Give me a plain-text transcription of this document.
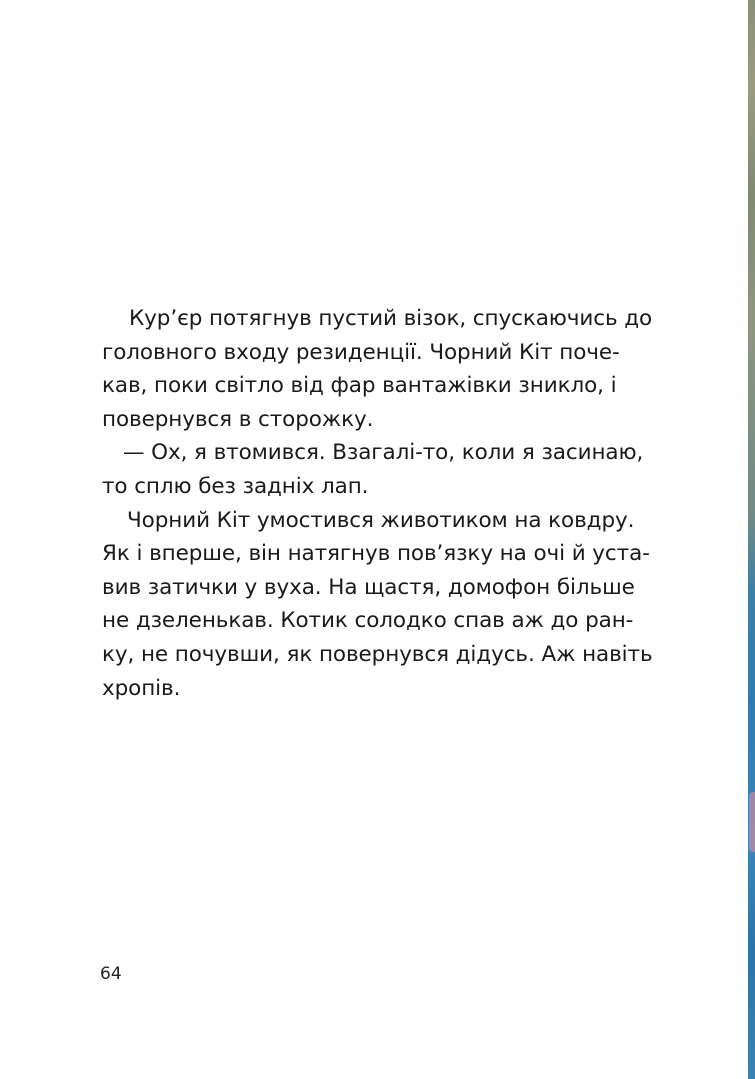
Кур’єр потягнув пустий візок, спускаючись до
головного входу резиденції. Чорний Кіт поче-
кав, поки світло від фар вантажівки зникло, і
повернувся в сторожку.
— Ох, я втомився. Взагалі-то, коли я засинаю,
то сплю без задніх лап.
Чорний Кіт умостився животиком на ковдру.
Як і вперше, він натягнув пов’язку на очі й уста-
вив затички у вуха. На щастя, домофон більше
не дзеленькав. Котик солодко спав аж до ран-
ку, не почувши, як повернувся дідусь. Аж навіть
хропів.
64
